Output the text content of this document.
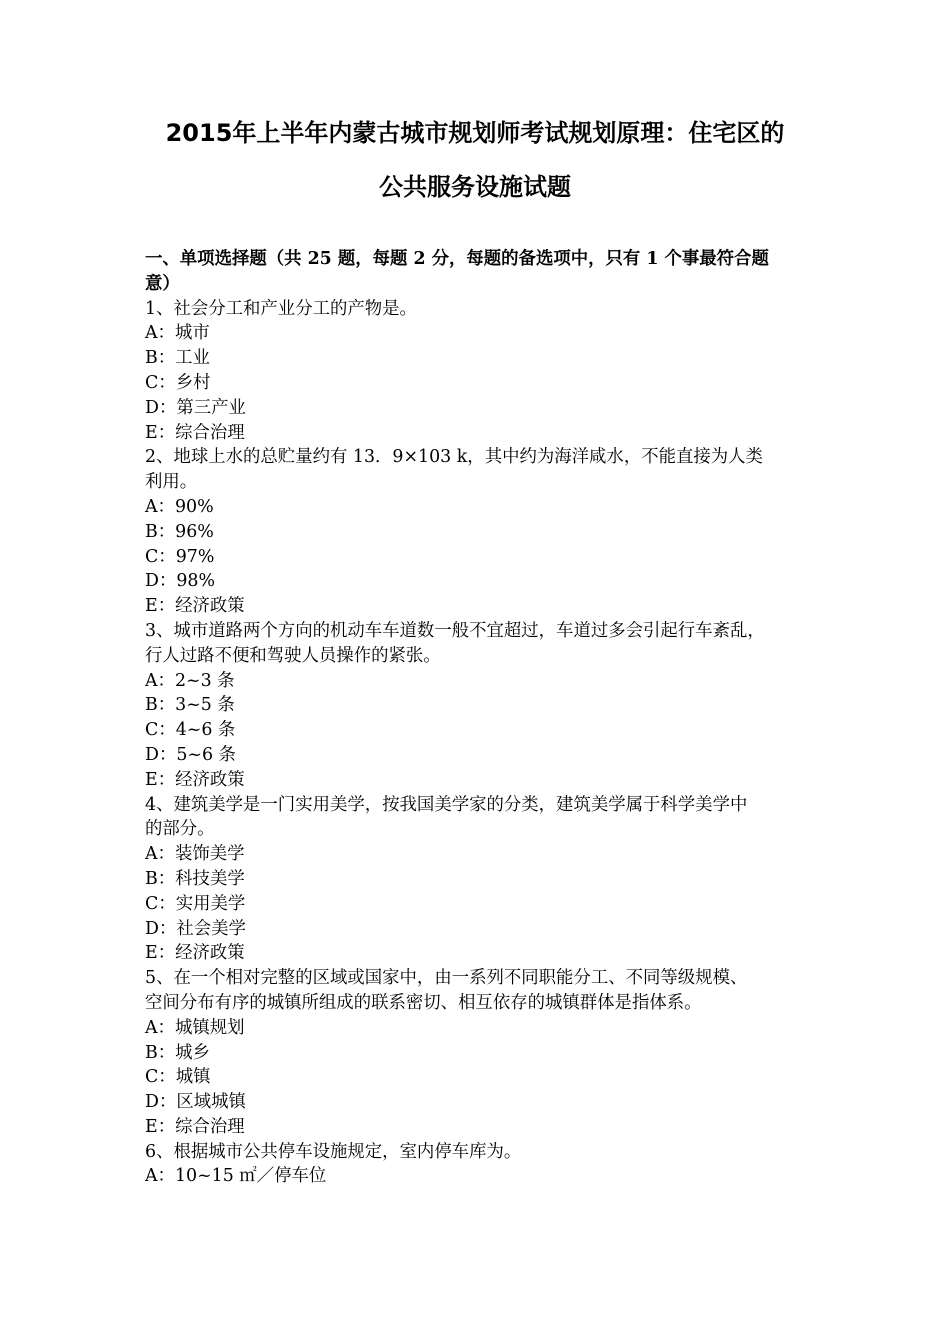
2015年上半年内蒙古城市规划师考试规划原理：住宅区的
公共服务设施试题
一、单项选择题（共 25 题，每题 2 分，每题的备选项中，只有 1 个事最符合题
意）
1、社会分工和产业分工的产物是。
A：城市
B：工业
C：乡村
D：第三产业
E：综合治理
2、地球上水的总贮量约有 13．9×103 k，其中约为海洋咸水，不能直接为人类
利用。
A：90%
B：96%
C：97%
D：98%
E：经济政策
3、城市道路两个方向的机动车车道数一般不宜超过，车道过多会引起行车紊乱，
行人过路不便和驾驶人员操作的紧张。
A：2~3 条
B：3~5 条
C：4~6 条
D：5~6 条
E：经济政策
4、建筑美学是一门实用美学，按我国美学家的分类，建筑美学属于科学美学中
的部分。
A：装饰美学
B：科技美学
C：实用美学
D：社会美学
E：经济政策
5、在一个相对完整的区域或国家中，由一系列不同职能分工、不同等级规模、
空间分布有序的城镇所组成的联系密切、相互依存的城镇群体是指体系。
A：城镇规划
B：城乡
C：城镇
D：区域城镇
E：综合治理
6、根据城市公共停车设施规定，室内停车库为。
A：10~15 ㎡／停车位
